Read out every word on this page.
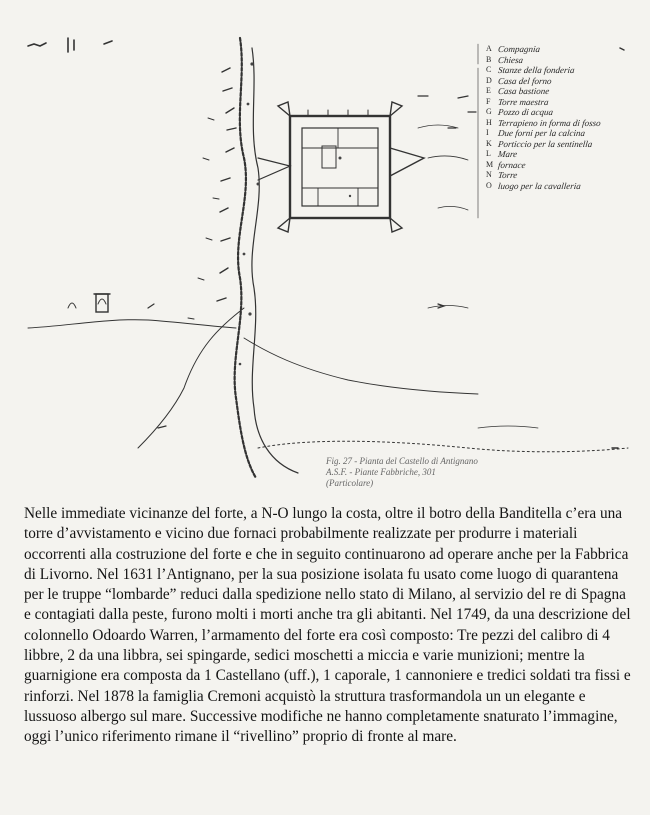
A Compagnia
B Chiesa
C Stanze della fonderia
D Casa del forno
E Casa bastione
F Torre maestra
G Pozzo di acqua
H Terrapieno in forma di fosso
I Due forni per la calcina
K Porticcio per la sentinella
L Mare
M fornace
N Torre
O luogo per la cavalleria
Fig. 27 - Pianta del Castello di Antignano
A.S.F. - Piante Fabbriche, 301
(Particolare)

Nelle immediate vicinanze del forte, a N-O lungo la costa, oltre il botro della Banditella c’era una torre d’avvistamento e vicino due fornaci probabilmente realizzate per produrre i materiali occorrenti alla costruzione del forte e che in seguito continuarono ad operare anche per la Fabbrica di Livorno. Nel 1631 l’Antignano, per la sua posizione isolata fu usato come luogo di quarantena per le truppe “lombarde” reduci dalla spedizione nello stato di Milano, al servizio del re di Spagna e contagiati dalla peste, furono molti i morti anche tra gli abitanti. Nel 1749, da una descrizione del colonnello Odoardo Warren, l’armamento del forte era così composto: Tre pezzi del calibro di 4 libbre, 2 da una libbra, sei spingarde, sedici moschetti a miccia e varie munizioni; mentre la guarnigione era composta da 1 Castellano (uff.), 1 caporale, 1 cannoniere e tredici soldati tra fissi e rinforzi. Nel 1878 la famiglia Cremoni acquistò la struttura trasformandola un un elegante e lussuoso albergo sul mare. Successive modifiche ne hanno completamente snaturato l’immagine, oggi l’unico riferimento rimane il “rivellino” proprio di fronte al mare.
